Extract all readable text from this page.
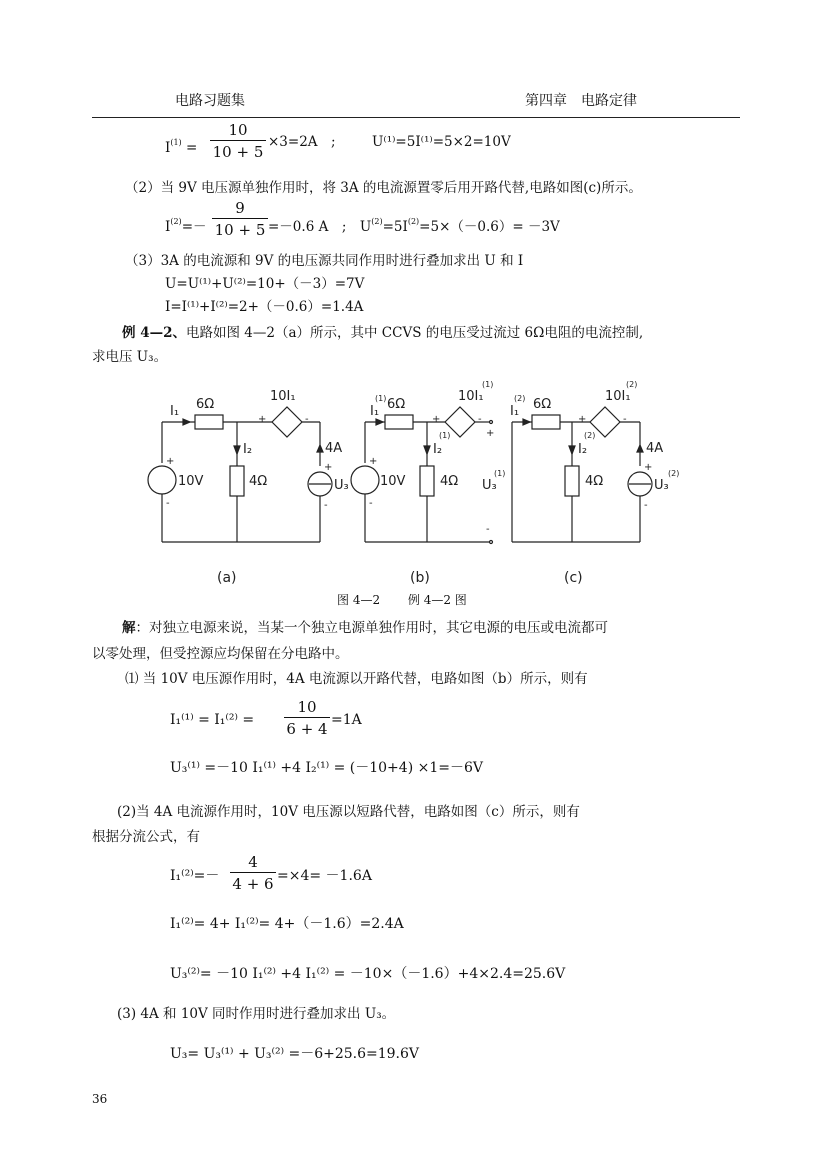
电路习题集	第四章　电路定律
$I^{(1)}$ =
10
10 + 5
×3=2A　;	U⁽¹⁾=5I⁽¹⁾=5×2=10V
（2）当 9V 电压源单独作用时，将 3A 的电流源置零后用开路代替,电路如图(c)所示。
$I^{(2)}=-$
9
10 + 5 =－0.6 A　;　$U^{(2)}=5I^{(2)}=5\times(-0.6)= -3V$
（3）3A 的电流源和 9V 的电压源共同作用时进行叠加求出 U 和 I
U=U⁽¹⁾+U⁽²⁾=10+（－3）=7V
I=I⁽¹⁾+I⁽²⁾=2+（－0.6）=1.4A
例 4—2、电路如图 4—2（a）所示，其中 CCVS 的电压受过流过 6Ω电阻的电流控制,
求电压 U₃。
I₁ 6Ω
10I₁
+	-
I₂
4Ω
10V
+
-
4A
+
-
U₃
(a)
I₁
(1) 6Ω
10I₁
(1)
+	-
I₂
(1)	+
4Ω
10V
+
-
U₃
(1)
-
(b)
I₁
(2) 6Ω
10I₁
(2)
+	-
I₂
(2)
4Ω
4A
+
-
U₃
(2)
(c)
图 4—2　　 例 4—2 图
解：对独立电源来说，当某一个独立电源单独作用时，其它电源的电压或电流都可
以零处理，但受控源应均保留在分电路中。
⑴ 当 10V 电压源作用时，4A 电流源以开路代替，电路如图（b）所示，则有
I₁⁽¹⁾ = I₁⁽²⁾ =
10
6 + 4 =1A
U₃⁽¹⁾ =－10 I₁⁽¹⁾ +4 I₂⁽¹⁾ = (－10+4) ×1=－6V
(2)当 4A 电流源作用时，10V 电压源以短路代替，电路如图（c）所示，则有
根据分流公式，有
I₁⁽²⁾=－
4
4 + 6 =×4= －1.6A
I₁⁽²⁾= 4+ I₁⁽²⁾= 4+（－1.6）=2.4A
U₃⁽²⁾= －10 I₁⁽²⁾ +4 I₁⁽²⁾ = －10×（－1.6）+4×2.4=25.6V
(3) 4A 和 10V 同时作用时进行叠加求出 U₃。
U₃= U₃⁽¹⁾ + U₃⁽²⁾ =－6+25.6=19.6V
36
